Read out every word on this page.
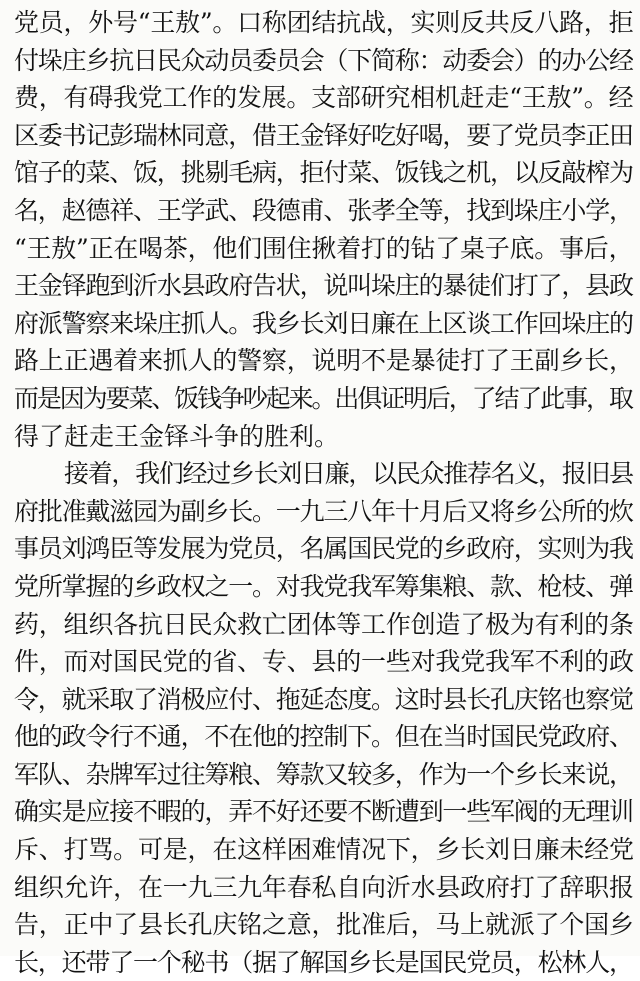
党员，外号“王敖”。口称团结抗战，实则反共反八路，拒
付垛庄乡抗日民众动员委员会（下简称：动委会）的办公经
费，有碍我党工作的发展。支部研究相机赶走“王敖”。经
区委书记彭瑞林同意，借王金铎好吃好喝，要了党员李正田
馆子的菜、饭，挑剔毛病，拒付菜、饭钱之机，以反敲榨为
名，赵德祥、王学武、段德甫、张孝全等，找到垛庄小学，
“王敖”正在喝茶，他们围住揪着打的钻了桌子底。事后，
王金铎跑到沂水县政府告状，说叫垛庄的暴徒们打了，县政
府派警察来垛庄抓人。我乡长刘日廉在上区谈工作回垛庄的
路上正遇着来抓人的警察，说明不是暴徒打了王副乡长，
而是因为要菜、饭钱争吵起来。出俱证明后，了结了此事，取
得了赶走王金铎斗争的胜利。
接着，我们经过乡长刘日廉，以民众推荐名义，报旧县
府批准戴滋园为副乡长。一九三八年十月后又将乡公所的炊
事员刘鸿臣等发展为党员，名属国民党的乡政府，实则为我
党所掌握的乡政权之一。对我党我军筹集粮、款、枪枝、弹
药，组织各抗日民众救亡团体等工作创造了极为有利的条
件，而对国民党的省、专、县的一些对我党我军不利的政
令，就采取了消极应付、拖延态度。这时县长孔庆铭也察觉
他的政令行不通，不在他的控制下。但在当时国民党政府、
军队、杂牌军过往筹粮、筹款又较多，作为一个乡长来说，
确实是应接不暇的，弄不好还要不断遭到一些军阀的无理训
斥、打骂。可是，在这样困难情况下，乡长刘日廉未经党
组织允许，在一九三九年春私自向沂水县政府打了辞职报
告，正中了县长孔庆铭之意，批准后，马上就派了个国乡
长，还带了一个秘书（据了解国乡长是国民党员，松林人，
